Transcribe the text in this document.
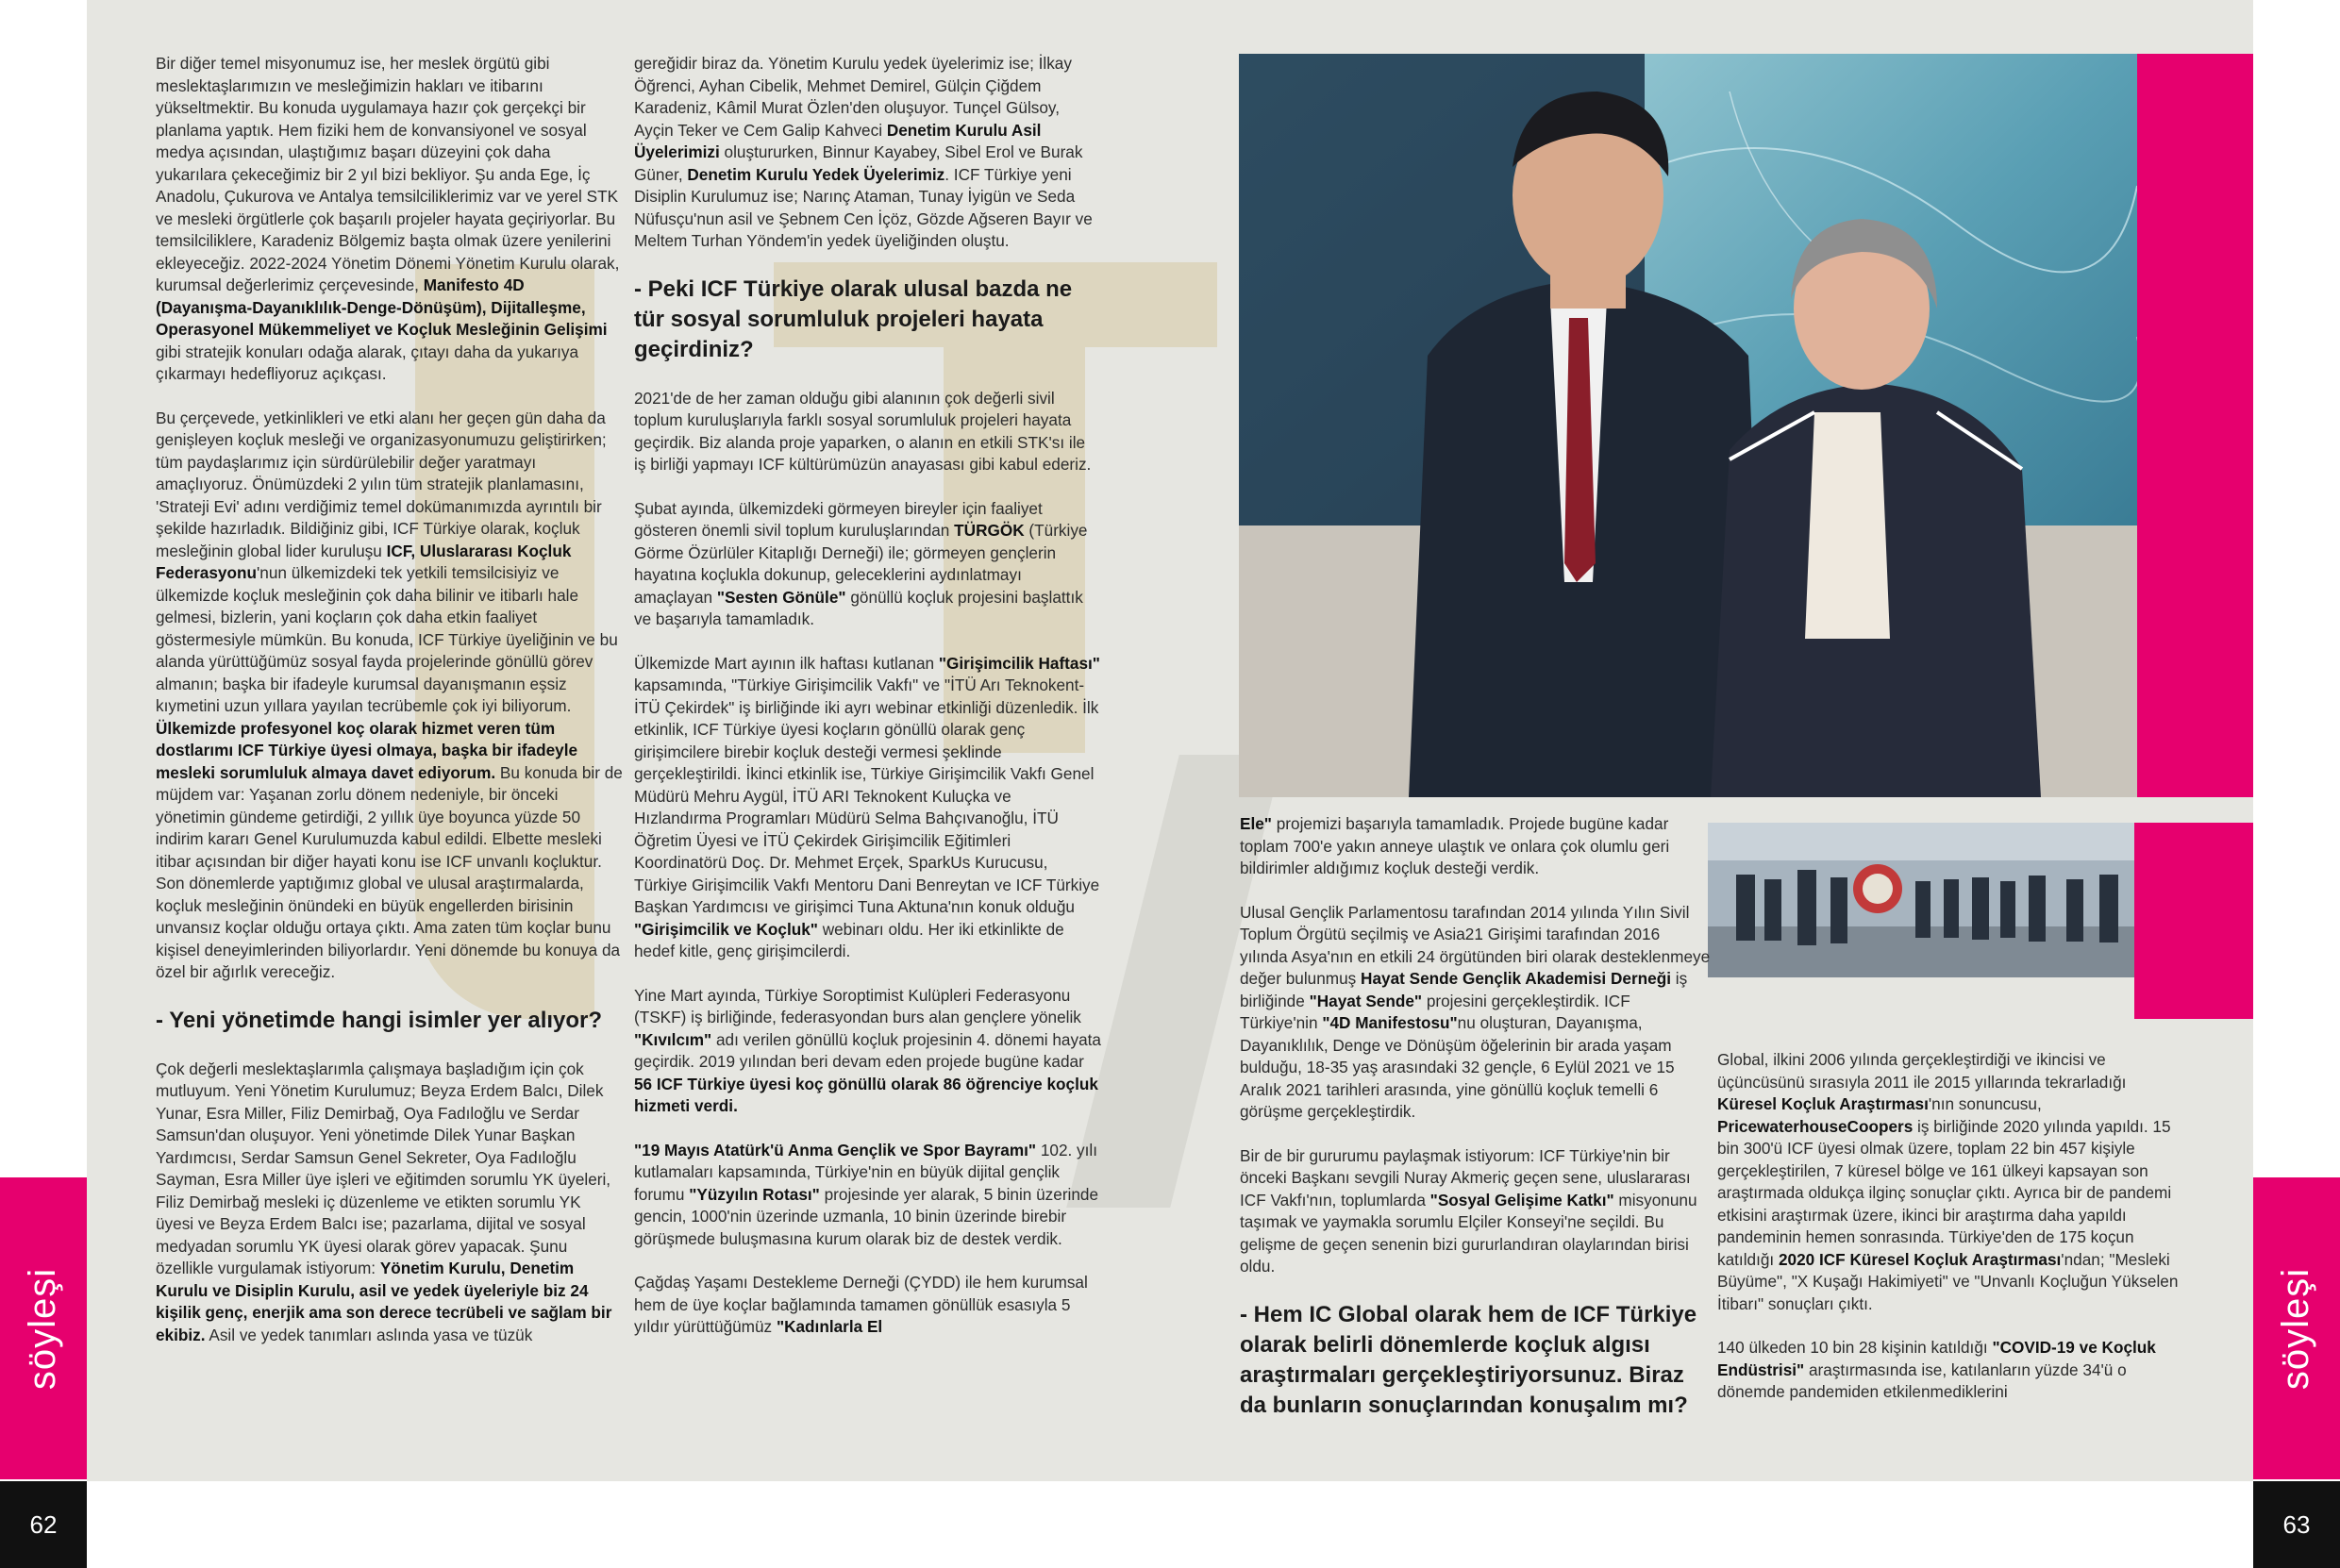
Bir diğer temel misyonumuz ise, her meslek örgütü gibi meslektaşlarımızın ve mesleğimizin hakları ve itibarını yükseltmektir. Bu konuda uygulamaya hazır çok gerçekçi bir planlama yaptık. Hem fiziki hem de konvansiyonel ve sosyal medya açısından, ulaştığımız başarı düzeyini çok daha yukarılara çekeceğimiz bir 2 yıl bizi bekliyor. Şu anda Ege, İç Anadolu, Çukurova ve Antalya temsilciliklerimiz var ve yerel STK ve mesleki örgütlerle çok başarılı projeler hayata geçiriyorlar. Bu temsilciliklere, Karadeniz Bölgemiz başta olmak üzere yenilerini ekleyeceğiz. 2022-2024 Yönetim Dönemi Yönetim Kurulu olarak, kurumsal değerlerimiz çerçevesinde, Manifesto 4D (Dayanışma-Dayanıklılık-Denge-Dönüşüm), Dijitalleşme, Operasyonel Mükemmeliyet ve Koçluk Mesleğinin Gelişimi gibi stratejik konuları odağa alarak, çıtayı daha da yukarıya çıkarmayı hedefliyoruz açıkçası.

Bu çerçevede, yetkinlikleri ve etki alanı her geçen gün daha da genişleyen koçluk mesleği ve organizasyonumuzu geliştirirken; tüm paydaşlarımız için sürdürülebilir değer yaratmayı amaçlıyoruz. Önümüzdeki 2 yılın tüm stratejik planlamasını, 'Strateji Evi' adını verdiğimiz temel dokümanımızda ayrıntılı bir şekilde hazırladık. Bildiğiniz gibi, ICF Türkiye olarak, koçluk mesleğinin global lider kuruluşu ICF, Uluslararası Koçluk Federasyonu'nun ülkemizdeki tek yetkili temsilcisiyiz ve ülkemizde koçluk mesleğinin çok daha bilinir ve itibarlı hale gelmesi, bizlerin, yani koçların çok daha etkin faaliyet göstermesiyle mümkün. Bu konuda, ICF Türkiye üyeliğinin ve bu alanda yürüttüğümüz sosyal fayda projelerinde gönüllü görev almanın; başka bir ifadeyle kurumsal dayanışmanın eşsiz kıymetini uzun yıllara yayılan tecrübemle çok iyi biliyorum. Ülkemizde profesyonel koç olarak hizmet veren tüm dostlarımı ICF Türkiye üyesi olmaya, başka bir ifadeyle mesleki sorumluluk almaya davet ediyorum. Bu konuda bir de müjdem var: Yaşanan zorlu dönem nedeniyle, bir önceki yönetimin gündeme getirdiği, 2 yıllık üye boyunca yüzde 50 indirim kararı Genel Kurulumuzda kabul edildi. Elbette mesleki itibar açısından bir diğer hayati konu ise ICF unvanlı koçluktur. Son dönemlerde yaptığımız global ve ulusal araştırmalarda, koçluk mesleğinin önündeki en büyük engellerden birisinin unvansız koçlar olduğu ortaya çıktı. Ama zaten tüm koçlar bunu kişisel deneyimlerinden biliyorlardır. Yeni dönemde bu konuya da özel bir ağırlık vereceğiz.

- Yeni yönetimde hangi isimler yer alıyor?

Çok değerli meslektaşlarımla çalışmaya başladığım için çok mutluyum. Yeni Yönetim Kurulumuz; Beyza Erdem Balcı, Dilek Yunar, Esra Miller, Filiz Demirbağ, Oya Fadıloğlu ve Serdar Samsun'dan oluşuyor. Yeni yönetimde Dilek Yunar Başkan Yardımcısı, Serdar Samsun Genel Sekreter, Oya Fadıloğlu Sayman, Esra Miller üye işleri ve eğitimden sorumlu YK üyeleri, Filiz Demirbağ mesleki iç düzenleme ve etikten sorumlu YK üyesi ve Beyza Erdem Balcı ise; pazarlama, dijital ve sosyal medyadan sorumlu YK üyesi olarak görev yapacak. Şunu özellikle vurgulamak istiyorum: Yönetim Kurulu, Denetim Kurulu ve Disiplin Kurulu, asil ve yedek üyeleriyle biz 24 kişilik genç, enerjik ama son derece tecrübeli ve sağlam bir ekibiz. Asil ve yedek tanımları aslında yasa ve tüzük

gereğidir biraz da. Yönetim Kurulu yedek üyelerimiz ise; İlkay Öğrenci, Ayhan Cibelik, Mehmet Demirel, Gülçin Çiğdem Karadeniz, Kâmil Murat Özlen'den oluşuyor. Tunçel Gülsoy, Ayçin Teker ve Cem Galip Kahveci Denetim Kurulu Asil Üyelerimizi oluştururken, Binnur Kayabey, Sibel Erol ve Burak Güner, Denetim Kurulu Yedek Üyelerimiz. ICF Türkiye yeni Disiplin Kurulumuz ise; Narınç Ataman, Tunay İyigün ve Seda Nüfusçu'nun asil ve Şebnem Cen İçöz, Gözde Ağseren Bayır ve Meltem Turhan Yöndem'in yedek üyeliğinden oluştu.

- Peki ICF Türkiye olarak ulusal bazda ne tür sosyal sorumluluk projeleri hayata geçirdiniz?

2021'de de her zaman olduğu gibi alanının çok değerli sivil toplum kuruluşlarıyla farklı sosyal sorumluluk projeleri hayata geçirdik. Biz alanda proje yaparken, o alanın en etkili STK'sı ile iş birliği yapmayı ICF kültürümüzün anayasası gibi kabul ederiz.

Şubat ayında, ülkemizdeki görmeyen bireyler için faaliyet gösteren önemli sivil toplum kuruluşlarından TÜRGÖK (Türkiye Görme Özürlüler Kitaplığı Derneği) ile; görmeyen gençlerin hayatına koçlukla dokunup, geleceklerini aydınlatmayı amaçlayan "Sesten Gönüle" gönüllü koçluk projesini başlattık ve başarıyla tamamladık.

Ülkemizde Mart ayının ilk haftası kutlanan "Girişimcilik Haftası" kapsamında, "Türkiye Girişimcilik Vakfı" ve "İTÜ Arı Teknokent-İTÜ Çekirdek" iş birliğinde iki ayrı webinar etkinliği düzenledik. İlk etkinlik, ICF Türkiye üyesi koçların gönüllü olarak genç girişimcilere birebir koçluk desteği vermesi şeklinde gerçekleştirildi. İkinci etkinlik ise, Türkiye Girişimcilik Vakfı Genel Müdürü Mehru Aygül, İTÜ ARI Teknokent Kuluçka ve Hızlandırma Programları Müdürü Selma Bahçıvanoğlu, İTÜ Öğretim Üyesi ve İTÜ Çekirdek Girişimcilik Eğitimleri Koordinatörü Doç. Dr. Mehmet Erçek, SparkUs Kurucusu, Türkiye Girişimcilik Vakfı Mentoru Dani Benreytan ve ICF Türkiye Başkan Yardımcısı ve girişimci Tuna Aktuna'nın konuk olduğu "Girişimcilik ve Koçluk" webinarı oldu. Her iki etkinlikte de hedef kitle, genç girişimcilerdi.

Yine Mart ayında, Türkiye Soroptimist Kulüpleri Federasyonu (TSKF) iş birliğinde, federasyondan burs alan gençlere yönelik "Kıvılcım" adı verilen gönüllü koçluk projesinin 4. dönemi hayata geçirdik. 2019 yılından beri devam eden projede bugüne kadar 56 ICF Türkiye üyesi koç gönüllü olarak 86 öğrenciye koçluk hizmeti verdi.

"19 Mayıs Atatürk'ü Anma Gençlik ve Spor Bayramı" 102. yılı kutlamaları kapsamında, Türkiye'nin en büyük dijital gençlik forumu "Yüzyılın Rotası" projesinde yer alarak, 5 binin üzerinde gencin, 1000'nin üzerinde uzmanla, 10 binin üzerinde birebir görüşmede buluşmasına kurum olarak biz de destek verdik.

Çağdaş Yaşamı Destekleme Derneği (ÇYDD) ile hem kurumsal hem de üye koçlar bağlamında tamamen gönüllük esasıyla 5 yıldır yürüttüğümüz "Kadınlarla El

Ele" projemizi başarıyla tamamladık. Projede bugüne kadar toplam 700'e yakın anneye ulaştık ve onlara çok olumlu geri bildirimler aldığımız koçluk desteği verdik.

Ulusal Gençlik Parlamentosu tarafından 2014 yılında Yılın Sivil Toplum Örgütü seçilmiş ve Asia21 Girişimi tarafından 2016 yılında Asya'nın en etkili 24 örgütünden biri olarak desteklenmeye değer bulunmuş Hayat Sende Gençlik Akademisi Derneği iş birliğinde "Hayat Sende" projesini gerçekleştirdik. ICF Türkiye'nin "4D Manifestosu"nu oluşturan, Dayanışma, Dayanıklılık, Denge ve Dönüşüm öğelerinin bir arada yaşam bulduğu, 18-35 yaş arasındaki 32 gençle, 6 Eylül 2021 ve 15 Aralık 2021 tarihleri arasında, yine gönüllü koçluk temelli 6 görüşme gerçekleştirdik.

Bir de bir gururumu paylaşmak istiyorum: ICF Türkiye'nin bir önceki Başkanı sevgili Nuray Akmeriç geçen sene, uluslararası ICF Vakfı'nın, toplumlarda "Sosyal Gelişime Katkı" misyonunu taşımak ve yaymakla sorumlu Elçiler Konseyi'ne seçildi. Bu gelişme de geçen senenin bizi gururlandıran olaylarından birisi oldu.

- Hem IC Global olarak hem de ICF Türkiye olarak belirli dönemlerde koçluk algısı araştırmaları gerçekleştiriyorsunuz. Biraz da bunların sonuçlarından konuşalım mı?

Global, ilkini 2006 yılında gerçekleştirdiği ve ikincisi ve üçüncüsünü sırasıyla 2011 ile 2015 yıllarında tekrarladığı Küresel Koçluk Araştırması'nın sonuncusu, PricewaterhouseCoopers iş birliğinde 2020 yılında yapıldı. 15 bin 300'ü ICF üyesi olmak üzere, toplam 22 bin 457 kişiyle gerçekleştirilen, 7 küresel bölge ve 161 ülkeyi kapsayan son araştırmada oldukça ilginç sonuçlar çıktı. Ayrıca bir de pandemi etkisini araştırmak üzere, ikinci bir araştırma daha yapıldı pandeminin hemen sonrasında. Türkiye'den de 175 koçun katıldığı 2020 ICF Küresel Koçluk Araştırması'ndan; "Mesleki Büyüme", "X Kuşağı Hakimiyeti" ve "Unvanlı Koçluğun Yükselen İtibarı" sonuçları çıktı.

140 ülkeden 10 bin 28 kişinin katıldığı "COVID-19 ve Koçluk Endüstrisi" araştırmasında ise, katılanların yüzde 34'ü o dönemde pandemiden etkilenmediklerini

söyleşi	söyleşi
62	63
